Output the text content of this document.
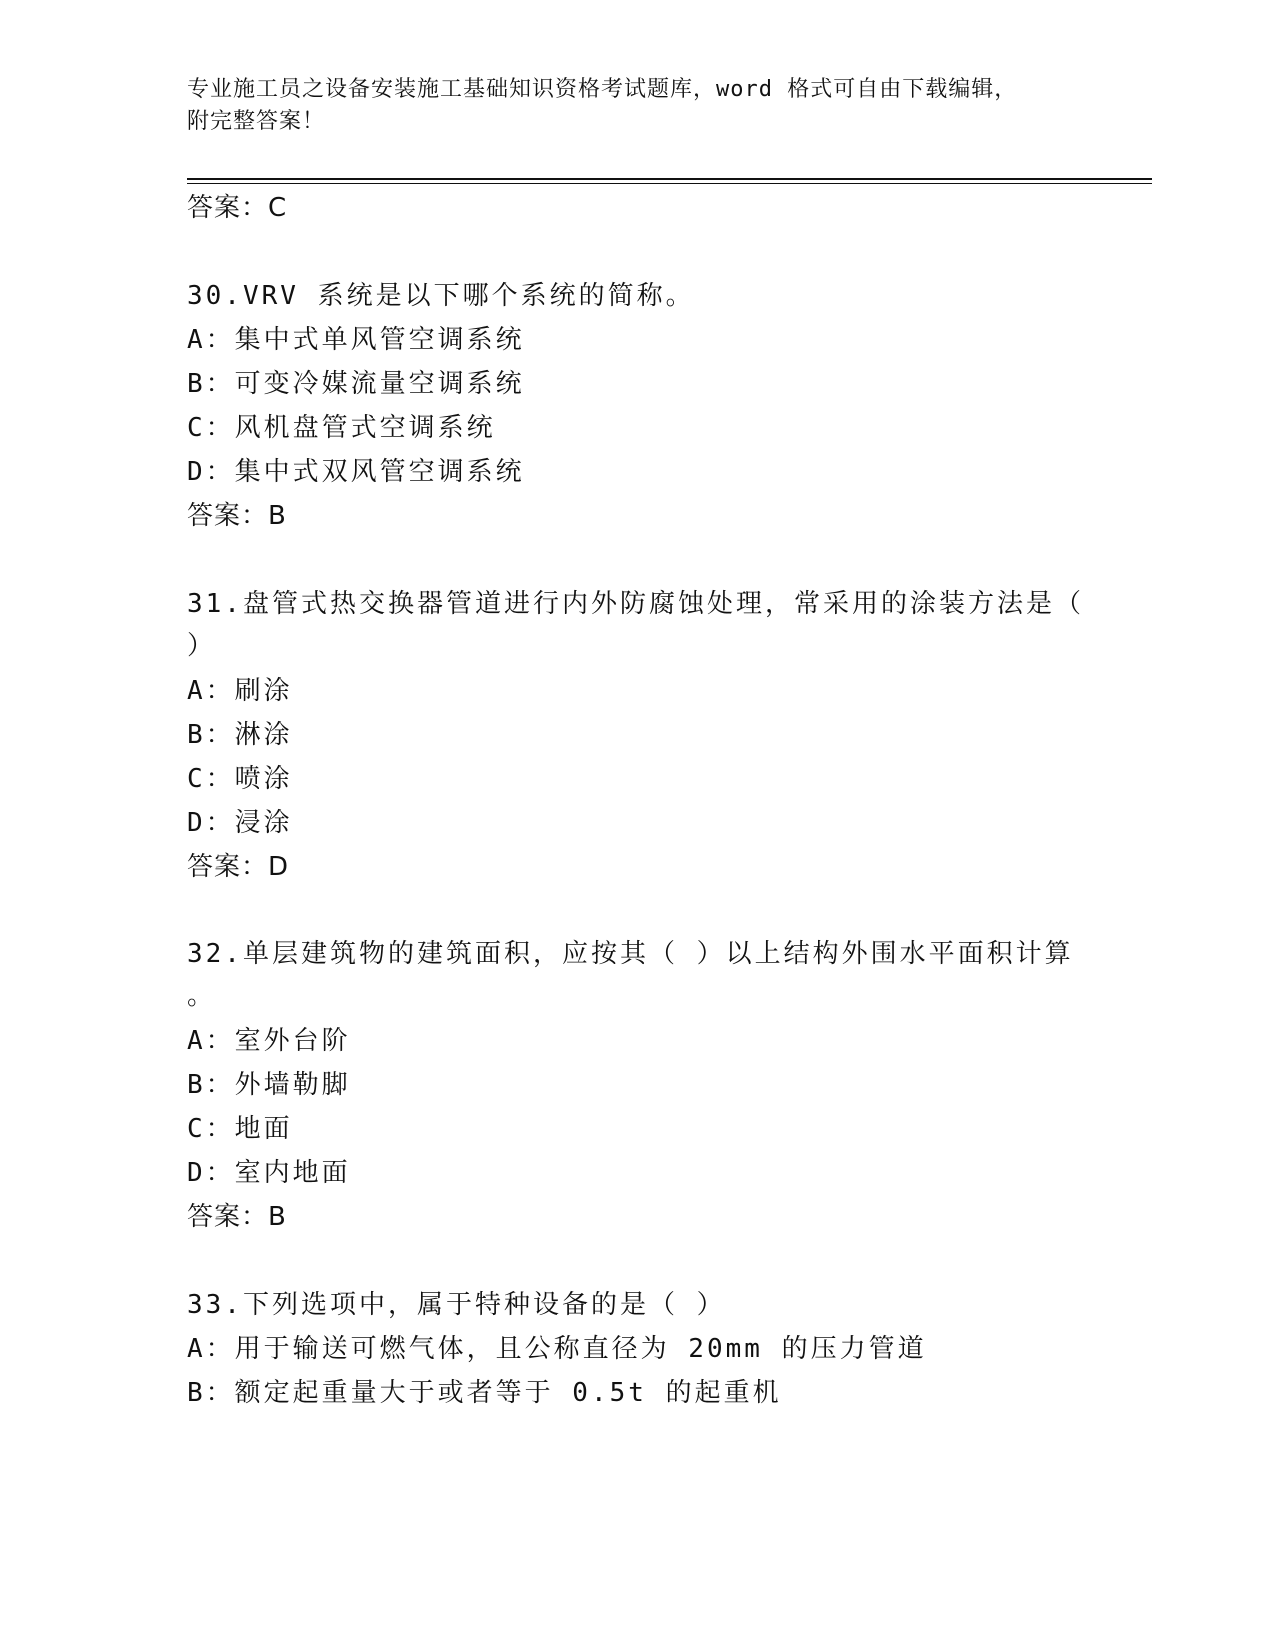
专业施工员之设备安装施工基础知识资格考试题库，word 格式可自由下载编辑，
附完整答案！
答案：C
30.VRV 系统是以下哪个系统的简称。
A：集中式单风管空调系统
B：可变冷媒流量空调系统
C：风机盘管式空调系统
D：集中式双风管空调系统
答案：B
31.盘管式热交换器管道进行内外防腐蚀处理，常采用的涂装方法是（
）
A：刷涂
B：淋涂
C：喷涂
D：浸涂
答案：D
32.单层建筑物的建筑面积，应按其（ ）以上结构外围水平面积计算
。
A：室外台阶
B：外墙勒脚
C：地面
D：室内地面
答案：B
33.下列选项中，属于特种设备的是（ ）
A：用于输送可燃气体，且公称直径为 20mm 的压力管道
B：额定起重量大于或者等于 0.5t 的起重机
